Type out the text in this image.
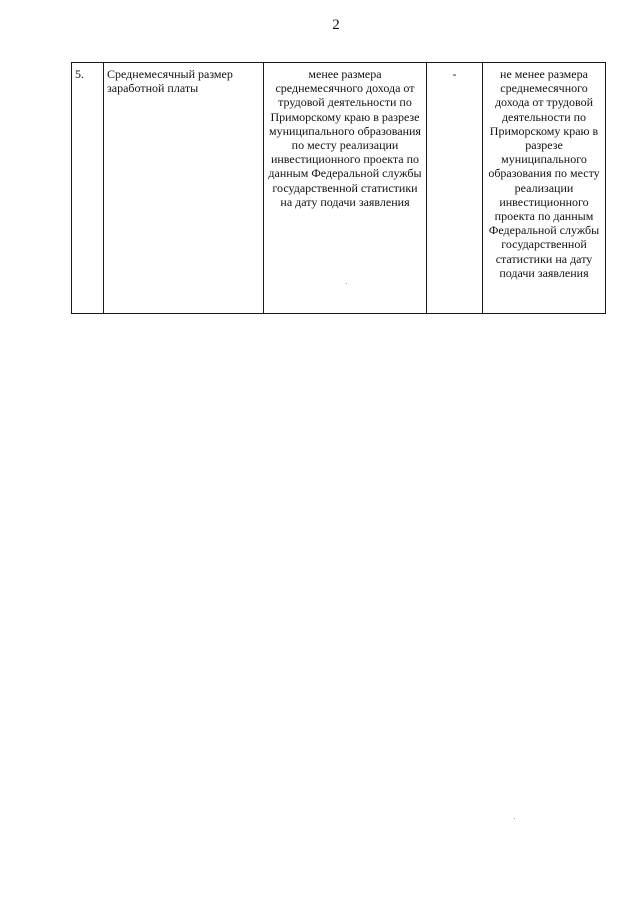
2
5.	Среднемесячный размер заработной платы	менее размера среднемесячного дохода от трудовой деятельности по Приморскому краю в разрезе муниципального образования по месту реализации инвестиционного проекта по данным Федеральной службы государственной статистики на дату подачи заявления	-	не менее размера среднемесячного дохода от трудовой деятельности по Приморскому краю в разрезе муниципального образования по месту реализации инвестиционного проекта по данным Федеральной службы государственной статистики на дату подачи заявления
